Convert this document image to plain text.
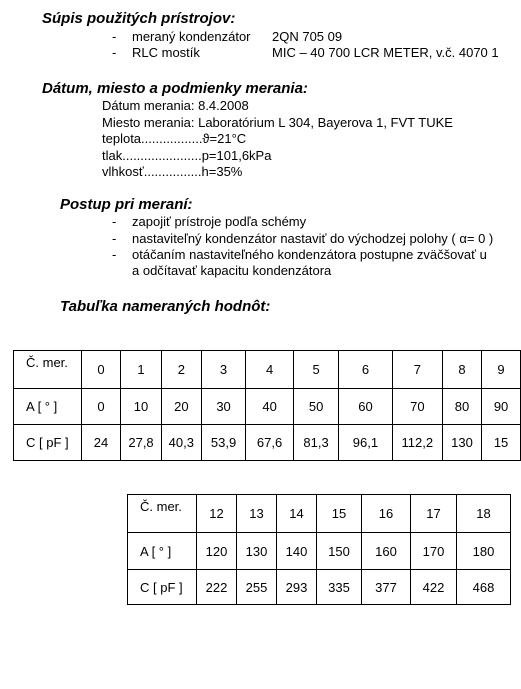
Súpis použitých prístrojov:
- meraný kondenzátor 2QN 705 09
- RLC mostík	MIC – 40 700 LCR METER, v.č. 4070 1
Dátum, miesto a podmienky merania:
Dátum merania: 8.4.2008
Miesto merania: Laboratórium L 304, Bayerova 1, FVT TUKE
teplota.................ϑ=21°C
tlak......................p=101,6kPa
vlhkosť................h=35%
Postup pri meraní:
- zapojiť prístroje podľa schémy
- nastaviteľný kondenzátor nastaviť do východzej polohy ( α= 0 )
- otáčaním nastaviteľného kondenzátora postupne zväčšovať u
a odčítavať kapacitu kondenzátora
Tabuľka nameraných hodnôt:
Č. mer.	0	1	2	3	4	5	6	7	8	9
A [ ° ]	0	10	20	30	40	50	60	70	80	90
C [ pF ]	24	27,8	40,3	53,9	67,6	81,3	96,1	112,2	130	15
Č. mer.	12	13	14	15	16	17	18
A [ ° ]	120	130	140	150	160	170	180
C [ pF ]	222	255	293	335	377	422	468
